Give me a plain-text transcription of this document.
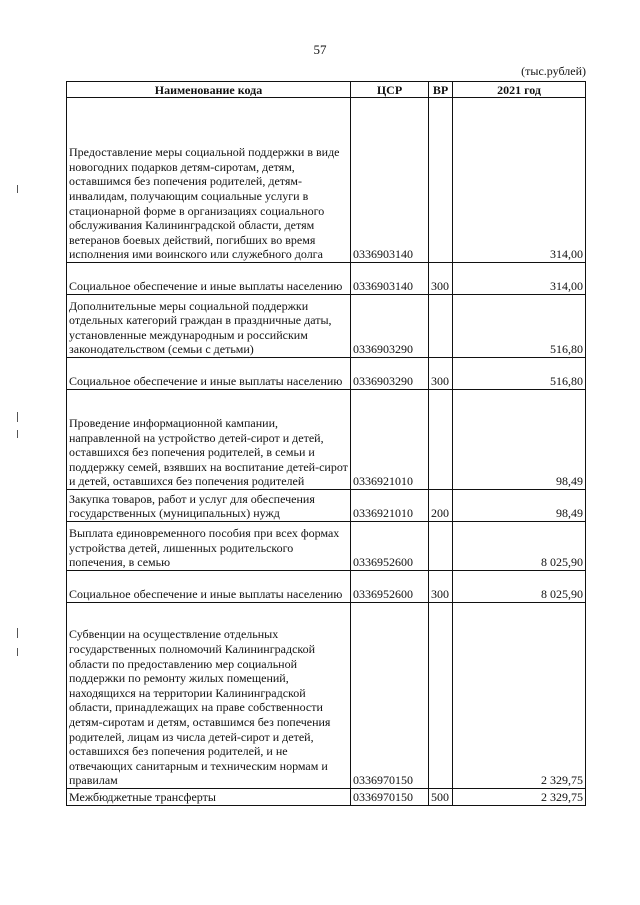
57
(тыс.рублей)
Наименование кода	ЦСР	ВР	2021 год
Предоставление меры социальной поддержки в виде новогодних подарков детям-сиротам, детям, оставшимся без попечения родителей, детям-инвалидам, получающим социальные услуги в стационарной форме в организациях социального обслуживания Калининградской области, детям ветеранов боевых действий, погибших во время исполнения ими воинского или служебного долга	0336903140		314,00
Социальное обеспечение и иные выплаты населению	0336903140	300	314,00
Дополнительные меры социальной поддержки отдельных категорий граждан в праздничные даты, установленные международным и российским законодательством (семьи с детьми)	0336903290		516,80
Социальное обеспечение и иные выплаты населению	0336903290	300	516,80
Проведение информационной кампании, направленной на устройство детей-сирот и детей, оставшихся без попечения родителей, в семьи и поддержку семей, взявших на воспитание детей-сирот и детей, оставшихся без попечения родителей	0336921010		98,49
Закупка товаров, работ и услуг для обеспечения государственных (муниципальных) нужд	0336921010	200	98,49
Выплата единовременного пособия при всех формах устройства детей, лишенных родительского попечения, в семью	0336952600		8 025,90
Социальное обеспечение и иные выплаты населению	0336952600	300	8 025,90
Субвенции на осуществление отдельных государственных полномочий Калининградской области по предоставлению мер социальной поддержки по ремонту жилых помещений, находящихся на территории Калининградской области, принадлежащих на праве собственности детям-сиротам и детям, оставшимся без попечения родителей, лицам из числа детей-сирот и детей, оставшихся без попечения родителей, и не отвечающих санитарным и техническим нормам и правилам	0336970150		2 329,75
Межбюджетные трансферты	0336970150	500	2 329,75
